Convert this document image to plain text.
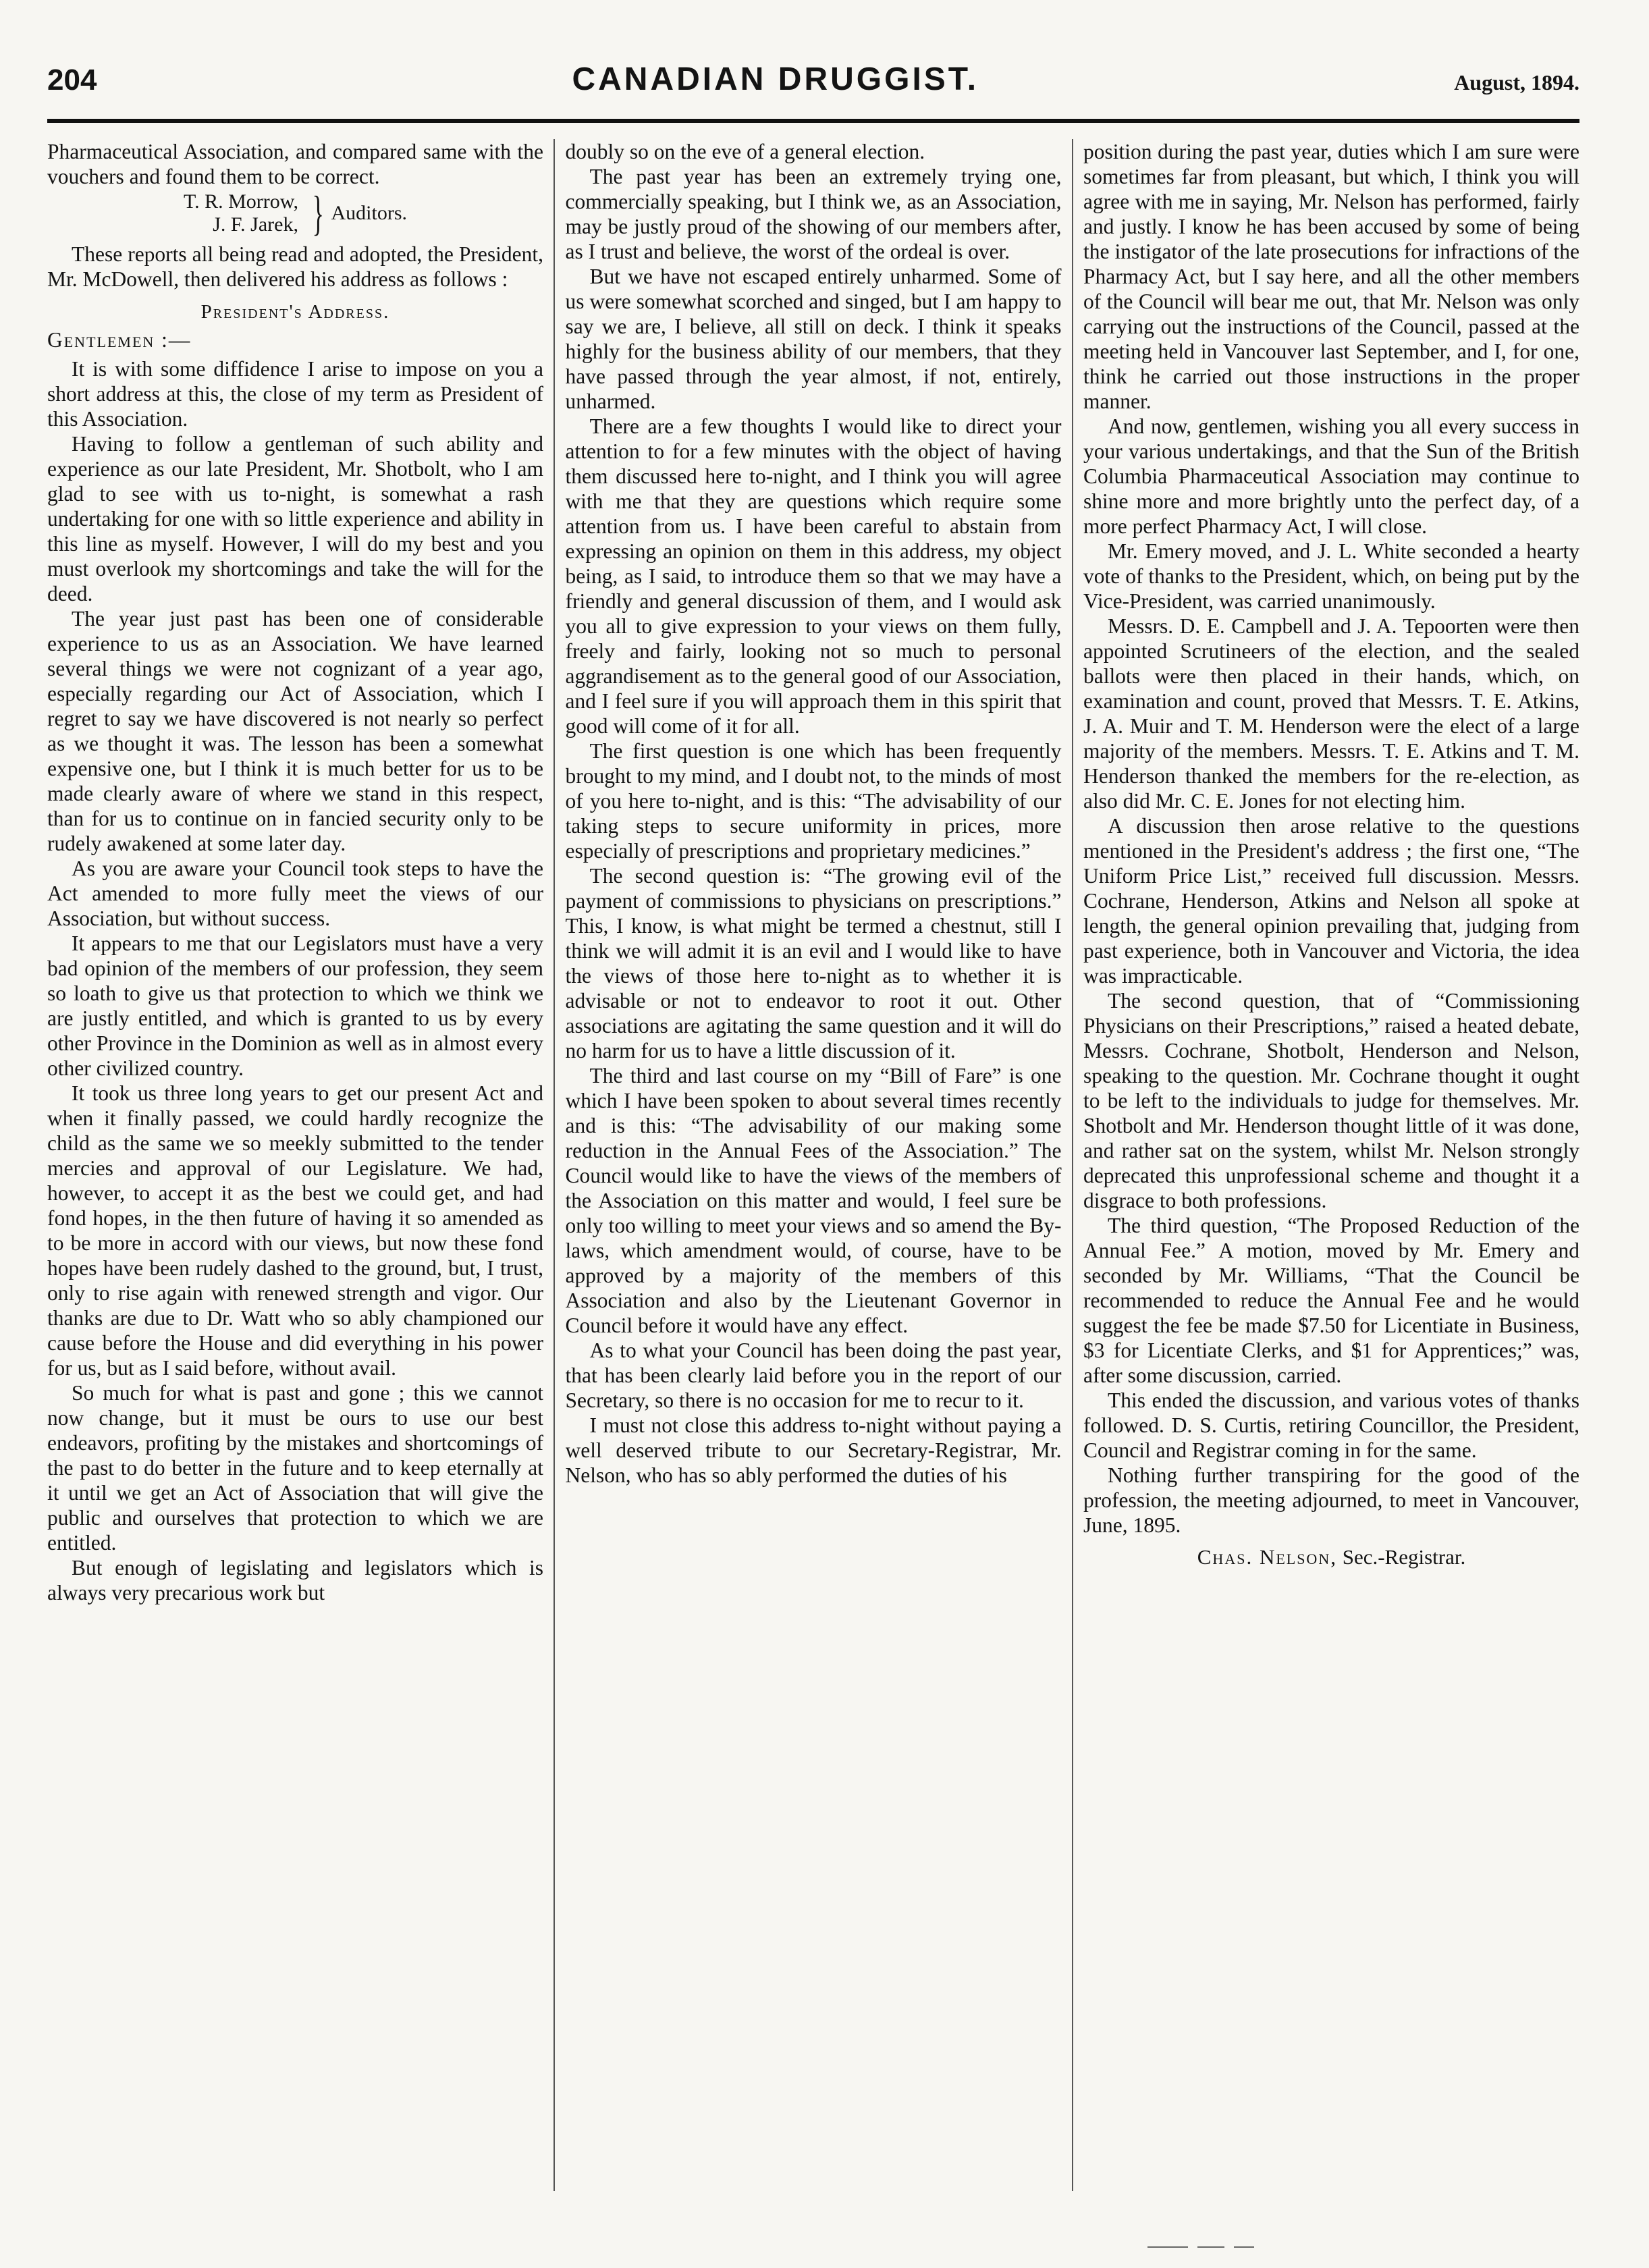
204	CANADIAN DRUGGIST.	August, 1894.

Pharmaceutical Association, and compared same with the vouchers and found them to be correct.

T. R. Morrow,
J. F. Jarek, } Auditors.

These reports all being read and adopted, the President, Mr. McDowell, then delivered his address as follows :

President's Address.
Gentlemen :—

It is with some diffidence I arise to impose on you a short address at this, the close of my term as President of this Association.

Having to follow a gentleman of such ability and experience as our late President, Mr. Shotbolt, who I am glad to see with us to-night, is somewhat a rash undertaking for one with so little experience and ability in this line as myself. However, I will do my best and you must overlook my shortcomings and take the will for the deed.

The year just past has been one of considerable experience to us as an Association. We have learned several things we were not cognizant of a year ago, especially regarding our Act of Association, which I regret to say we have discovered is not nearly so perfect as we thought it was. The lesson has been a somewhat expensive one, but I think it is much better for us to be made clearly aware of where we stand in this respect, than for us to continue on in fancied security only to be rudely awakened at some later day.

As you are aware your Council took steps to have the Act amended to more fully meet the views of our Association, but without success.

It appears to me that our Legislators must have a very bad opinion of the members of our profession, they seem so loath to give us that protection to which we think we are justly entitled, and which is granted to us by every other Province in the Dominion as well as in almost every other civilized country.

It took us three long years to get our present Act and when it finally passed, we could hardly recognize the child as the same we so meekly submitted to the tender mercies and approval of our Legislature. We had, however, to accept it as the best we could get, and had fond hopes, in the then future of having it so amended as to be more in accord with our views, but now these fond hopes have been rudely dashed to the ground, but, I trust, only to rise again with renewed strength and vigor. Our thanks are due to Dr. Watt who so ably championed our cause before the House and did everything in his power for us, but as I said before, without avail.

So much for what is past and gone ; this we cannot now change, but it must be ours to use our best endeavors, profiting by the mistakes and shortcomings of the past to do better in the future and to keep eternally at it until we get an Act of Association that will give the public and ourselves that protection to which we are entitled.

But enough of legislating and legislators which is always very precarious work but

doubly so on the eve of a general election.

The past year has been an extremely trying one, commercially speaking, but I think we, as an Association, may be justly proud of the showing of our members after, as I trust and believe, the worst of the ordeal is over.

But we have not escaped entirely unharmed. Some of us were somewhat scorched and singed, but I am happy to say we are, I believe, all still on deck. I think it speaks highly for the business ability of our members, that they have passed through the year almost, if not, entirely, unharmed.

There are a few thoughts I would like to direct your attention to for a few minutes with the object of having them discussed here to-night, and I think you will agree with me that they are questions which require some attention from us. I have been careful to abstain from expressing an opinion on them in this address, my object being, as I said, to introduce them so that we may have a friendly and general discussion of them, and I would ask you all to give expression to your views on them fully, freely and fairly, looking not so much to personal aggrandisement as to the general good of our Association, and I feel sure if you will approach them in this spirit that good will come of it for all.

The first question is one which has been frequently brought to my mind, and I doubt not, to the minds of most of you here to-night, and is this: “The advisability of our taking steps to secure uniformity in prices, more especially of prescriptions and proprietary medicines.”

The second question is: “The growing evil of the payment of commissions to physicians on prescriptions.” This, I know, is what might be termed a chestnut, still I think we will admit it is an evil and I would like to have the views of those here to-night as to whether it is advisable or not to endeavor to root it out. Other associations are agitating the same question and it will do no harm for us to have a little discussion of it.

The third and last course on my “Bill of Fare” is one which I have been spoken to about several times recently and is this: “The advisability of our making some reduction in the Annual Fees of the Association.” The Council would like to have the views of the members of the Association on this matter and would, I feel sure be only too willing to meet your views and so amend the By-laws, which amendment would, of course, have to be approved by a majority of the members of this Association and also by the Lieutenant Governor in Council before it would have any effect.

As to what your Council has been doing the past year, that has been clearly laid before you in the report of our Secretary, so there is no occasion for me to recur to it.

I must not close this address to-night without paying a well deserved tribute to our Secretary-Registrar, Mr. Nelson, who has so ably performed the duties of his

position during the past year, duties which I am sure were sometimes far from pleasant, but which, I think you will agree with me in saying, Mr. Nelson has performed, fairly and justly. I know he has been accused by some of being the instigator of the late prosecutions for infractions of the Pharmacy Act, but I say here, and all the other members of the Council will bear me out, that Mr. Nelson was only carrying out the instructions of the Council, passed at the meeting held in Vancouver last September, and I, for one, think he carried out those instructions in the proper manner.

And now, gentlemen, wishing you all every success in your various undertakings, and that the Sun of the British Columbia Pharmaceutical Association may continue to shine more and more brightly unto the perfect day, of a more perfect Pharmacy Act, I will close.

Mr. Emery moved, and J. L. White seconded a hearty vote of thanks to the President, which, on being put by the Vice-President, was carried unanimously.

Messrs. D. E. Campbell and J. A. Tepoorten were then appointed Scrutineers of the election, and the sealed ballots were then placed in their hands, which, on examination and count, proved that Messrs. T. E. Atkins, J. A. Muir and T. M. Henderson were the elect of a large majority of the members. Messrs. T. E. Atkins and T. M. Henderson thanked the members for the re-election, as also did Mr. C. E. Jones for not electing him.

A discussion then arose relative to the questions mentioned in the President's address ; the first one, “The Uniform Price List,” received full discussion. Messrs. Cochrane, Henderson, Atkins and Nelson all spoke at length, the general opinion prevailing that, judging from past experience, both in Vancouver and Victoria, the idea was impracticable.

The second question, that of “Commissioning Physicians on their Prescriptions,” raised a heated debate, Messrs. Cochrane, Shotbolt, Henderson and Nelson, speaking to the question. Mr. Cochrane thought it ought to be left to the individuals to judge for themselves. Mr. Shotbolt and Mr. Henderson thought little of it was done, and rather sat on the system, whilst Mr. Nelson strongly deprecated this unprofessional scheme and thought it a disgrace to both professions.

The third question, “The Proposed Reduction of the Annual Fee.” A motion, moved by Mr. Emery and seconded by Mr. Williams, “That the Council be recommended to reduce the Annual Fee and he would suggest the fee be made $7.50 for Licentiate in Business, $3 for Licentiate Clerks, and $1 for Apprentices;” was, after some discussion, carried.

This ended the discussion, and various votes of thanks followed. D. S. Curtis, retiring Councillor, the President, Council and Registrar coming in for the same.

Nothing further transpiring for the good of the profession, the meeting adjourned, to meet in Vancouver, June, 1895.

Chas. Nelson, Sec.-Registrar.
